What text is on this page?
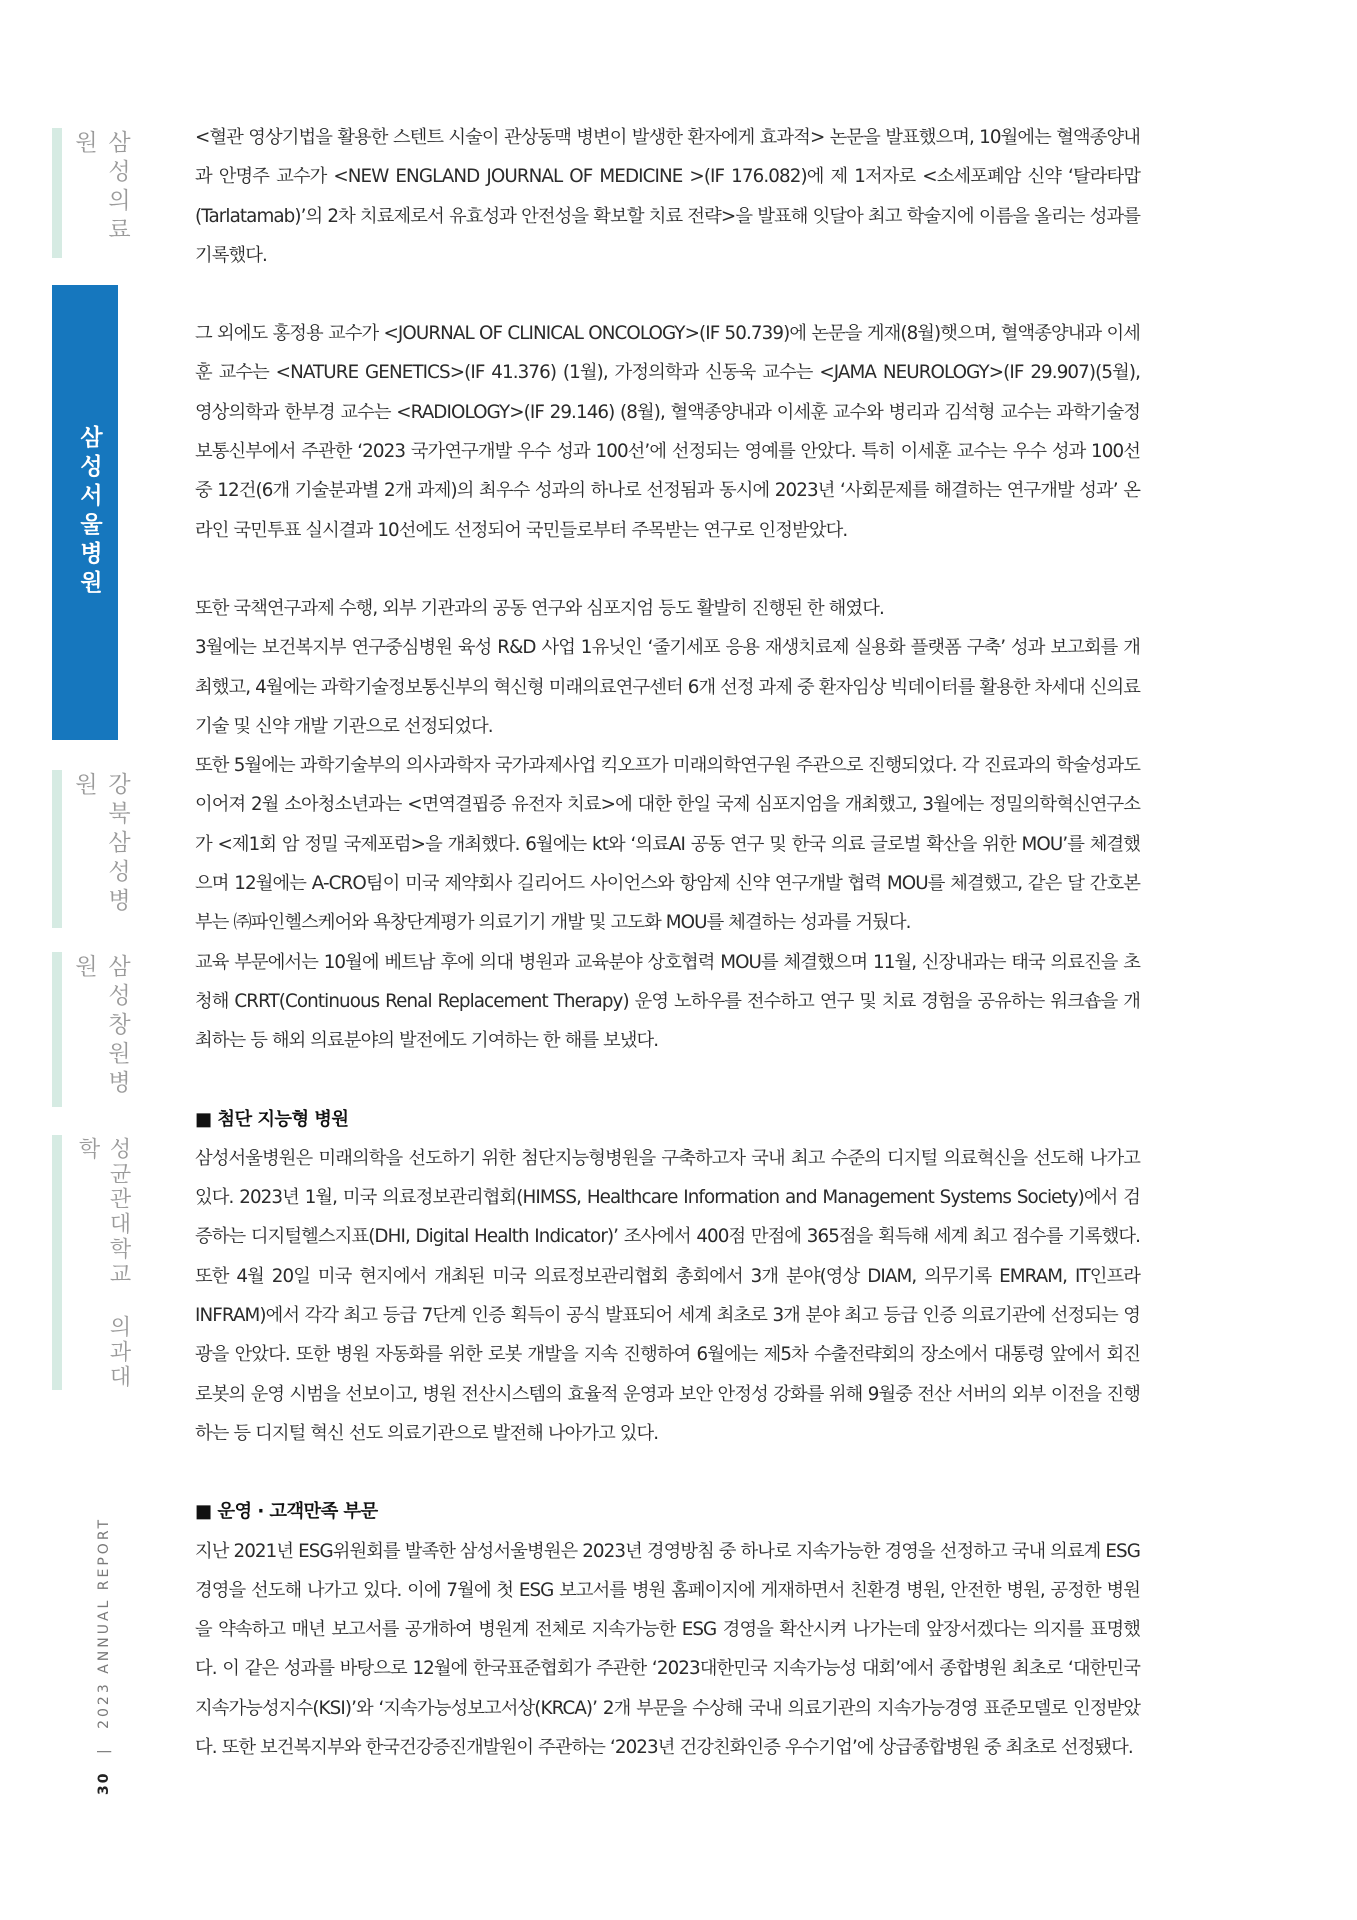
삼성의료원
삼성서울병원
강북삼성병원
삼성창원병원
성균관대학교 의과대학
30 | 2023 ANNUAL REPORT

<혈관 영상기법을 활용한 스텐트 시술이 관상동맥 병변이 발생한 환자에게 효과적> 논문을 발표했으며, 10월에는 혈액종양내과 안명주 교수가 <NEW ENGLAND JOURNAL OF MEDICINE >(IF 176.082)에 제 1저자로 <소세포폐암 신약 ‘탈라타맙(Tarlatamab)’의 2차 치료제로서 유효성과 안전성을 확보할 치료 전략>을 발표해 잇달아 최고 학술지에 이름을 올리는 성과를 기록했다.

그 외에도 홍정용 교수가 <JOURNAL OF CLINICAL ONCOLOGY>(IF 50.739)에 논문을 게재(8월)햇으며, 혈액종양내과 이세훈 교수는 <NATURE GENETICS>(IF 41.376) (1월), 가정의학과 신동욱 교수는 <JAMA NEUROLOGY>(IF 29.907)(5월), 영상의학과 한부경 교수는 <RADIOLOGY>(IF 29.146) (8월), 혈액종양내과 이세훈 교수와 병리과 김석형 교수는 과학기술정보통신부에서 주관한 ‘2023 국가연구개발 우수 성과 100선’에 선정되는 영예를 안았다. 특히 이세훈 교수는 우수 성과 100선 중 12건(6개 기술분과별 2개 과제)의 최우수 성과의 하나로 선정됨과 동시에 2023년 ‘사회문제를 해결하는 연구개발 성과’ 온라인 국민투표 실시결과 10선에도 선정되어 국민들로부터 주목받는 연구로 인정받았다.

또한 국책연구과제 수행, 외부 기관과의 공동 연구와 심포지엄 등도 활발히 진행된 한 해였다.

3월에는 보건복지부 연구중심병원 육성 R&D 사업 1유닛인 ‘줄기세포 응용 재생치료제 실용화 플랫폼 구축’ 성과 보고회를 개최했고, 4월에는 과학기술정보통신부의 혁신형 미래의료연구센터 6개 선정 과제 중 환자임상 빅데이터를 활용한 차세대 신의료기술 및 신약 개발 기관으로 선정되었다.

또한 5월에는 과학기술부의 의사과학자 국가과제사업 킥오프가 미래의학연구원 주관으로 진행되었다. 각 진료과의 학술성과도 이어져 2월 소아청소년과는 <면역결핍증 유전자 치료>에 대한 한일 국제 심포지엄을 개최했고, 3월에는 정밀의학혁신연구소가 <제1회 암 정밀 국제포럼>을 개최했다. 6월에는 kt와 ‘의료AI 공동 연구 및 한국 의료 글로벌 확산을 위한 MOU’를 체결했으며 12월에는 A-CRO팀이 미국 제약회사 길리어드 사이언스와 항암제 신약 연구개발 협력 MOU를 체결했고, 같은 달 간호본부는 ㈜파인헬스케어와 욕창단계평가 의료기기 개발 및 고도화 MOU를 체결하는 성과를 거뒀다.

교육 부문에서는 10월에 베트남 후에 의대 병원과 교육분야 상호협력 MOU를 체결했으며 11월, 신장내과는 태국 의료진을 초청해 CRRT(Continuous Renal Replacement Therapy) 운영 노하우를 전수하고 연구 및 치료 경험을 공유하는 워크숍을 개최하는 등 해외 의료분야의 발전에도 기여하는 한 해를 보냈다.

■ 첨단 지능형 병원

삼성서울병원은 미래의학을 선도하기 위한 첨단지능형병원을 구축하고자 국내 최고 수준의 디지털 의료혁신을 선도해 나가고 있다. 2023년 1월, 미국 의료정보관리협회(HIMSS, Healthcare Information and Management Systems Society)에서 검증하는 디지털헬스지표(DHI, Digital Health Indicator)’ 조사에서 400점 만점에 365점을 획득해 세계 최고 점수를 기록했다. 또한 4월 20일 미국 현지에서 개최된 미국 의료정보관리협회 총회에서 3개 분야(영상 DIAM, 의무기록 EMRAM, IT인프라 INFRAM)에서 각각 최고 등급 7단계 인증 획득이 공식 발표되어 세계 최초로 3개 분야 최고 등급 인증 의료기관에 선정되는 영광을 안았다. 또한 병원 자동화를 위한 로봇 개발을 지속 진행하여 6월에는 제5차 수출전략회의 장소에서 대통령 앞에서 회진 로봇의 운영 시범을 선보이고, 병원 전산시스템의 효율적 운영과 보안 안정성 강화를 위해 9월중 전산 서버의 외부 이전을 진행하는 등 디지털 혁신 선도 의료기관으로 발전해 나아가고 있다.

■ 운영 · 고객만족 부문

지난 2021년 ESG위원회를 발족한 삼성서울병원은 2023년 경영방침 중 하나로 지속가능한 경영을 선정하고 국내 의료계 ESG 경영을 선도해 나가고 있다. 이에 7월에 첫 ESG 보고서를 병원 홈페이지에 게재하면서 친환경 병원, 안전한 병원, 공정한 병원을 약속하고 매년 보고서를 공개하여 병원계 전체로 지속가능한 ESG 경영을 확산시켜 나가는데 앞장서겠다는 의지를 표명했다. 이 같은 성과를 바탕으로 12월에 한국표준협회가 주관한 ‘2023대한민국 지속가능성 대회’에서 종합병원 최초로 ‘대한민국 지속가능성지수(KSI)’와 ‘지속가능성보고서상(KRCA)’ 2개 부문을 수상해 국내 의료기관의 지속가능경영 표준모델로 인정받았다. 또한 보건복지부와 한국건강증진개발원이 주관하는 ‘2023년 건강친화인증 우수기업’에 상급종합병원 중 최초로 선정됐다.
